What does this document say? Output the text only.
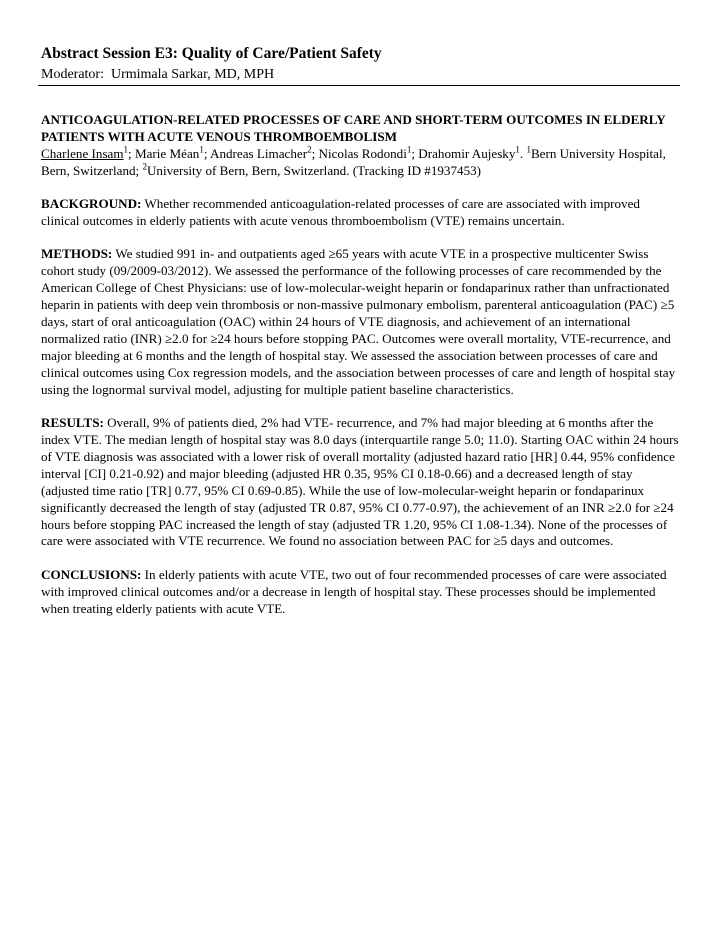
Abstract Session E3: Quality of Care/Patient Safety
Moderator: Urmimala Sarkar, MD, MPH

ANTICOAGULATION-RELATED PROCESSES OF CARE AND SHORT-TERM OUTCOMES IN ELDERLY PATIENTS WITH ACUTE VENOUS THROMBOEMBOLISM

Charlene Insam$^1$; Marie Méan$^1$; Andreas Limacher$^2$; Nicolas Rodondi$^1$; Drahomir Aujesky$^1$. $^1$Bern University Hospital, Bern, Switzerland; $^2$University of Bern, Bern, Switzerland. (Tracking ID #1937453)

BACKGROUND: Whether recommended anticoagulation-related processes of care are associated with improved clinical outcomes in elderly patients with acute venous thromboembolism (VTE) remains uncertain.

METHODS: We studied 991 in- and outpatients aged ≥65 years with acute VTE in a prospective multicenter Swiss cohort study (09/2009-03/2012). We assessed the performance of the following processes of care recommended by the American College of Chest Physicians: use of low-molecular-weight heparin or fondaparinux rather than unfractionated heparin in patients with deep vein thrombosis or non-massive pulmonary embolism, parenteral anticoagulation (PAC) ≥5 days, start of oral anticoagulation (OAC) within 24 hours of VTE diagnosis, and achievement of an international normalized ratio (INR) ≥2.0 for ≥24 hours before stopping PAC. Outcomes were overall mortality, VTE-recurrence, and major bleeding at 6 months and the length of hospital stay. We assessed the association between processes of care and clinical outcomes using Cox regression models, and the association between processes of care and length of hospital stay using the lognormal survival model, adjusting for multiple patient baseline characteristics.

RESULTS: Overall, 9% of patients died, 2% had VTE- recurrence, and 7% had major bleeding at 6 months after the index VTE. The median length of hospital stay was 8.0 days (interquartile range 5.0; 11.0). Starting OAC within 24 hours of VTE diagnosis was associated with a lower risk of overall mortality (adjusted hazard ratio [HR] 0.44, 95% confidence interval [CI] 0.21-0.92) and major bleeding (adjusted HR 0.35, 95% CI 0.18-0.66) and a decreased length of stay (adjusted time ratio [TR] 0.77, 95% CI 0.69-0.85). While the use of low-molecular-weight heparin or fondaparinux significantly decreased the length of stay (adjusted TR 0.87, 95% CI 0.77-0.97), the achievement of an INR ≥2.0 for ≥24 hours before stopping PAC increased the length of stay (adjusted TR 1.20, 95% CI 1.08-1.34). None of the processes of care were associated with VTE recurrence. We found no association between PAC for ≥5 days and outcomes.

CONCLUSIONS: In elderly patients with acute VTE, two out of four recommended processes of care were associated with improved clinical outcomes and/or a decrease in length of hospital stay. These processes should be implemented when treating elderly patients with acute VTE.
